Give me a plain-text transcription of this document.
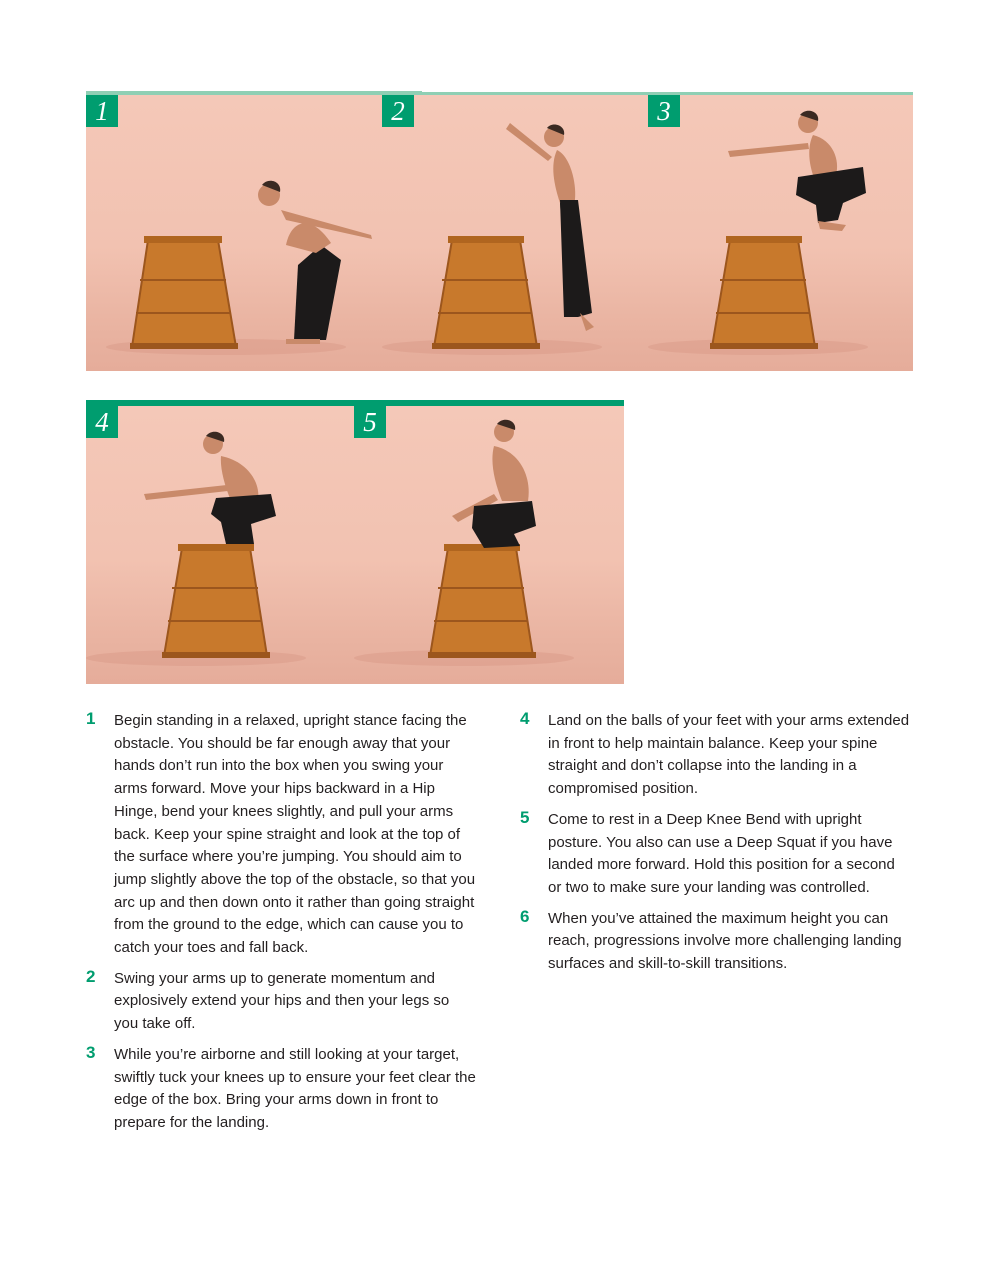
1	2	3
4	5
1 Begin standing in a relaxed, upright stance facing the obstacle. You should be far enough away that your hands don’t run into the box when you swing your arms forward. Move your hips backward in a Hip Hinge, bend your knees slightly, and pull your arms back. Keep your spine straight and look at the top of the surface where you’re jumping. You should aim to jump slightly above the top of the obstacle, so that you arc up and then down onto it rather than going straight from the ground to the edge, which can cause you to catch your toes and fall back.
2 Swing your arms up to generate momentum and explosively extend your hips and then your legs so you take off.
3 While you’re airborne and still looking at your target, swiftly tuck your knees up to ensure your feet clear the edge of the box. Bring your arms down in front to prepare for the landing.
4 Land on the balls of your feet with your arms extended in front to help maintain balance. Keep your spine straight and don’t collapse into the landing in a compromised position.
5 Come to rest in a Deep Knee Bend with upright posture. You also can use a Deep Squat if you have landed more forward. Hold this position for a second or two to make sure your landing was controlled.
6 When you’ve attained the maximum height you can reach, progressions involve more challenging landing surfaces and skill-to-skill transitions.
